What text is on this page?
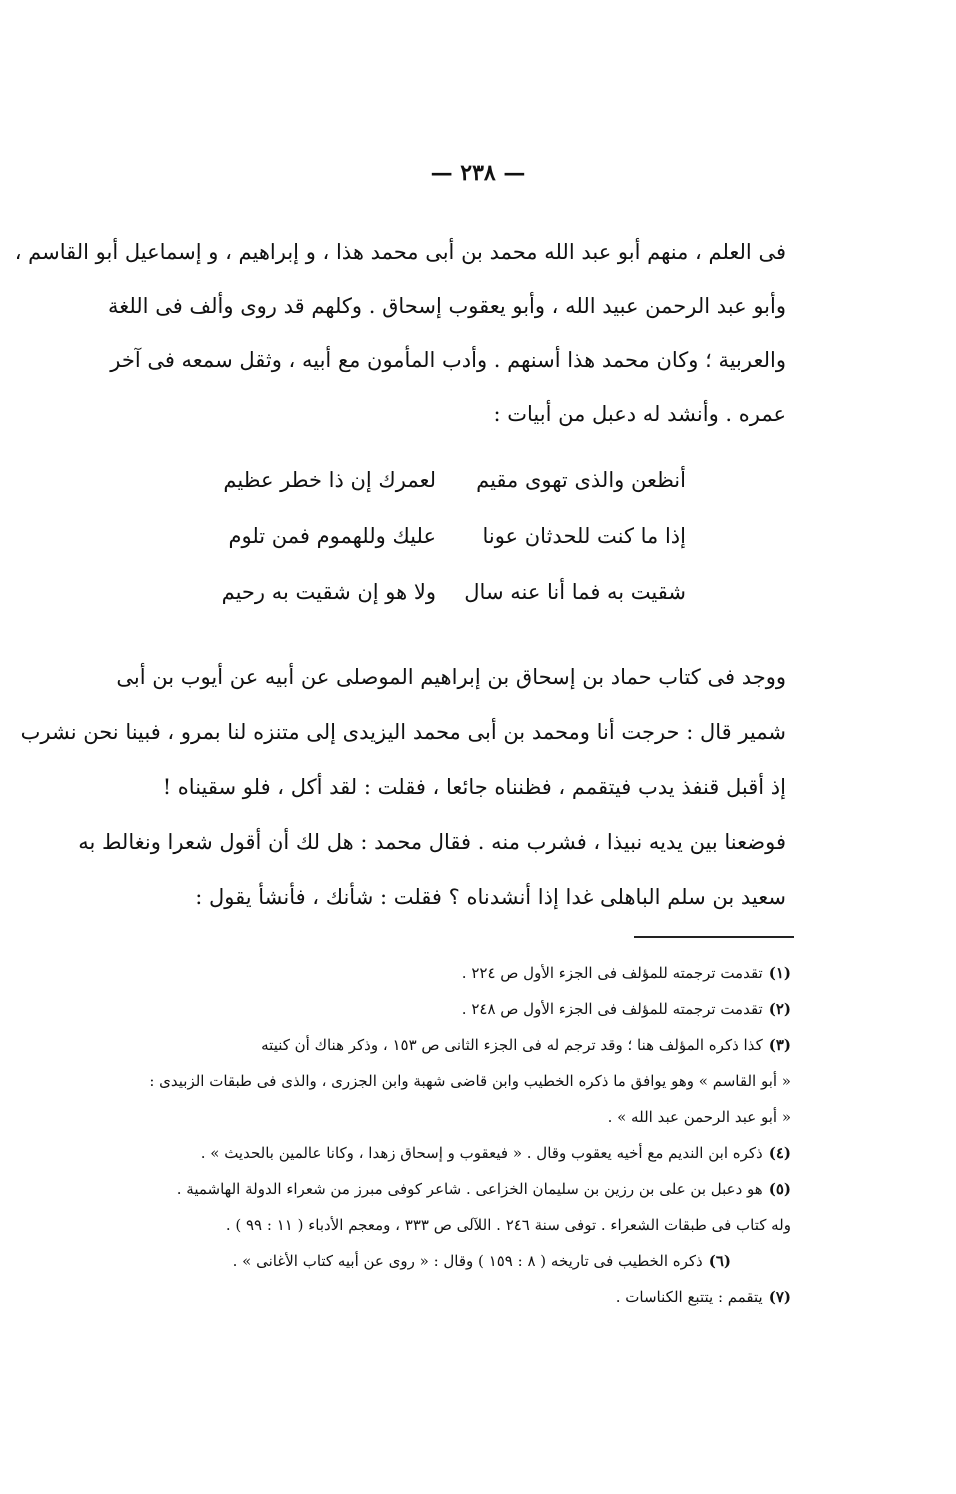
— ٢٣٨ —
فى العلم ، منهم أبو عبد الله محمد بن أبى محمد هذا ، و إبراهيم ، و إسماعيل أبو القاسم ،
وأبو عبد الرحمن عبيد الله ، وأبو يعقوب إسحاق . وكلهم قد روى وألف فى اللغة
والعربية ؛ وكان محمد هذا أسنهم . وأدب المأمون مع أبيه ، وثقل سمعه فى آخر
عمره . وأنشد له دعبل من أبيات :
أنظعن والذى تهوى مقيم
لعمرك إن ذا خطر عظيم
إذا ما كنت للحدثان عونا
عليك وللهموم فمن تلوم
شقيت به فما أنا عنه سال
ولا هو إن شقيت به رحيم
ووجد فى كتاب حماد بن إسحاق بن إبراهيم الموصلى عن أبيه عن أيوب بن أبى
شمير قال : حرجت أنا ومحمد بن أبى محمد اليزيدى إلى متنزه لنا بمرو ، فبينا نحن نشرب
إذ أقبل قنفذ يدب فيتقمم ، فظنناه جائعا ، فقلت : لقد أكل ، فلو سقيناه !
فوضعنا بين يديه نبيذا ، فشرب منه . فقال محمد : هل لك أن أقول شعرا ونغالط به
سعيد بن سلم الباهلى غدا إذا أنشدناه ؟ فقلت : شأنك ، فأنشأ يقول :
(١)تقدمت ترجمته للمؤلف فى الجزء الأول ص ٢٢٤ .
(٢)تقدمت ترجمته للمؤلف فى الجزء الأول ص ٢٤٨ .
(٣)كذا ذكره المؤلف هنا ؛ وقد ترجم له فى الجزء الثانى ص ١٥٣ ، وذكر هناك أن كنيته
« أبو القاسم » وهو يوافق ما ذكره الخطيب وابن قاضى شهبة وابن الجزرى ، والذى فى طبقات الزبيدى :
« أبو عبد الرحمن عبد الله » .
(٤)ذكره ابن النديم مع أخيه يعقوب وقال . « فيعقوب و إسحاق زهدا ، وكانا عالمين بالحديث » .
(٥)هو دعبل بن على بن رزين بن سليمان الخزاعى . شاعر كوفى مبرز من شعراء الدولة الهاشمية .
وله كتاب فى طبقات الشعراء . توفى سنة ٢٤٦ . اللآلى ص ٣٣٣ ، ومعجم الأدباء ( ١١ : ٩٩ ) .
(٦)ذكره الخطيب فى تاريخه ( ٨ : ١٥٩ ) وقال : « روى عن أبيه كتاب الأغانى » .
(٧)يتقمم : يتتبع الكناسات .
